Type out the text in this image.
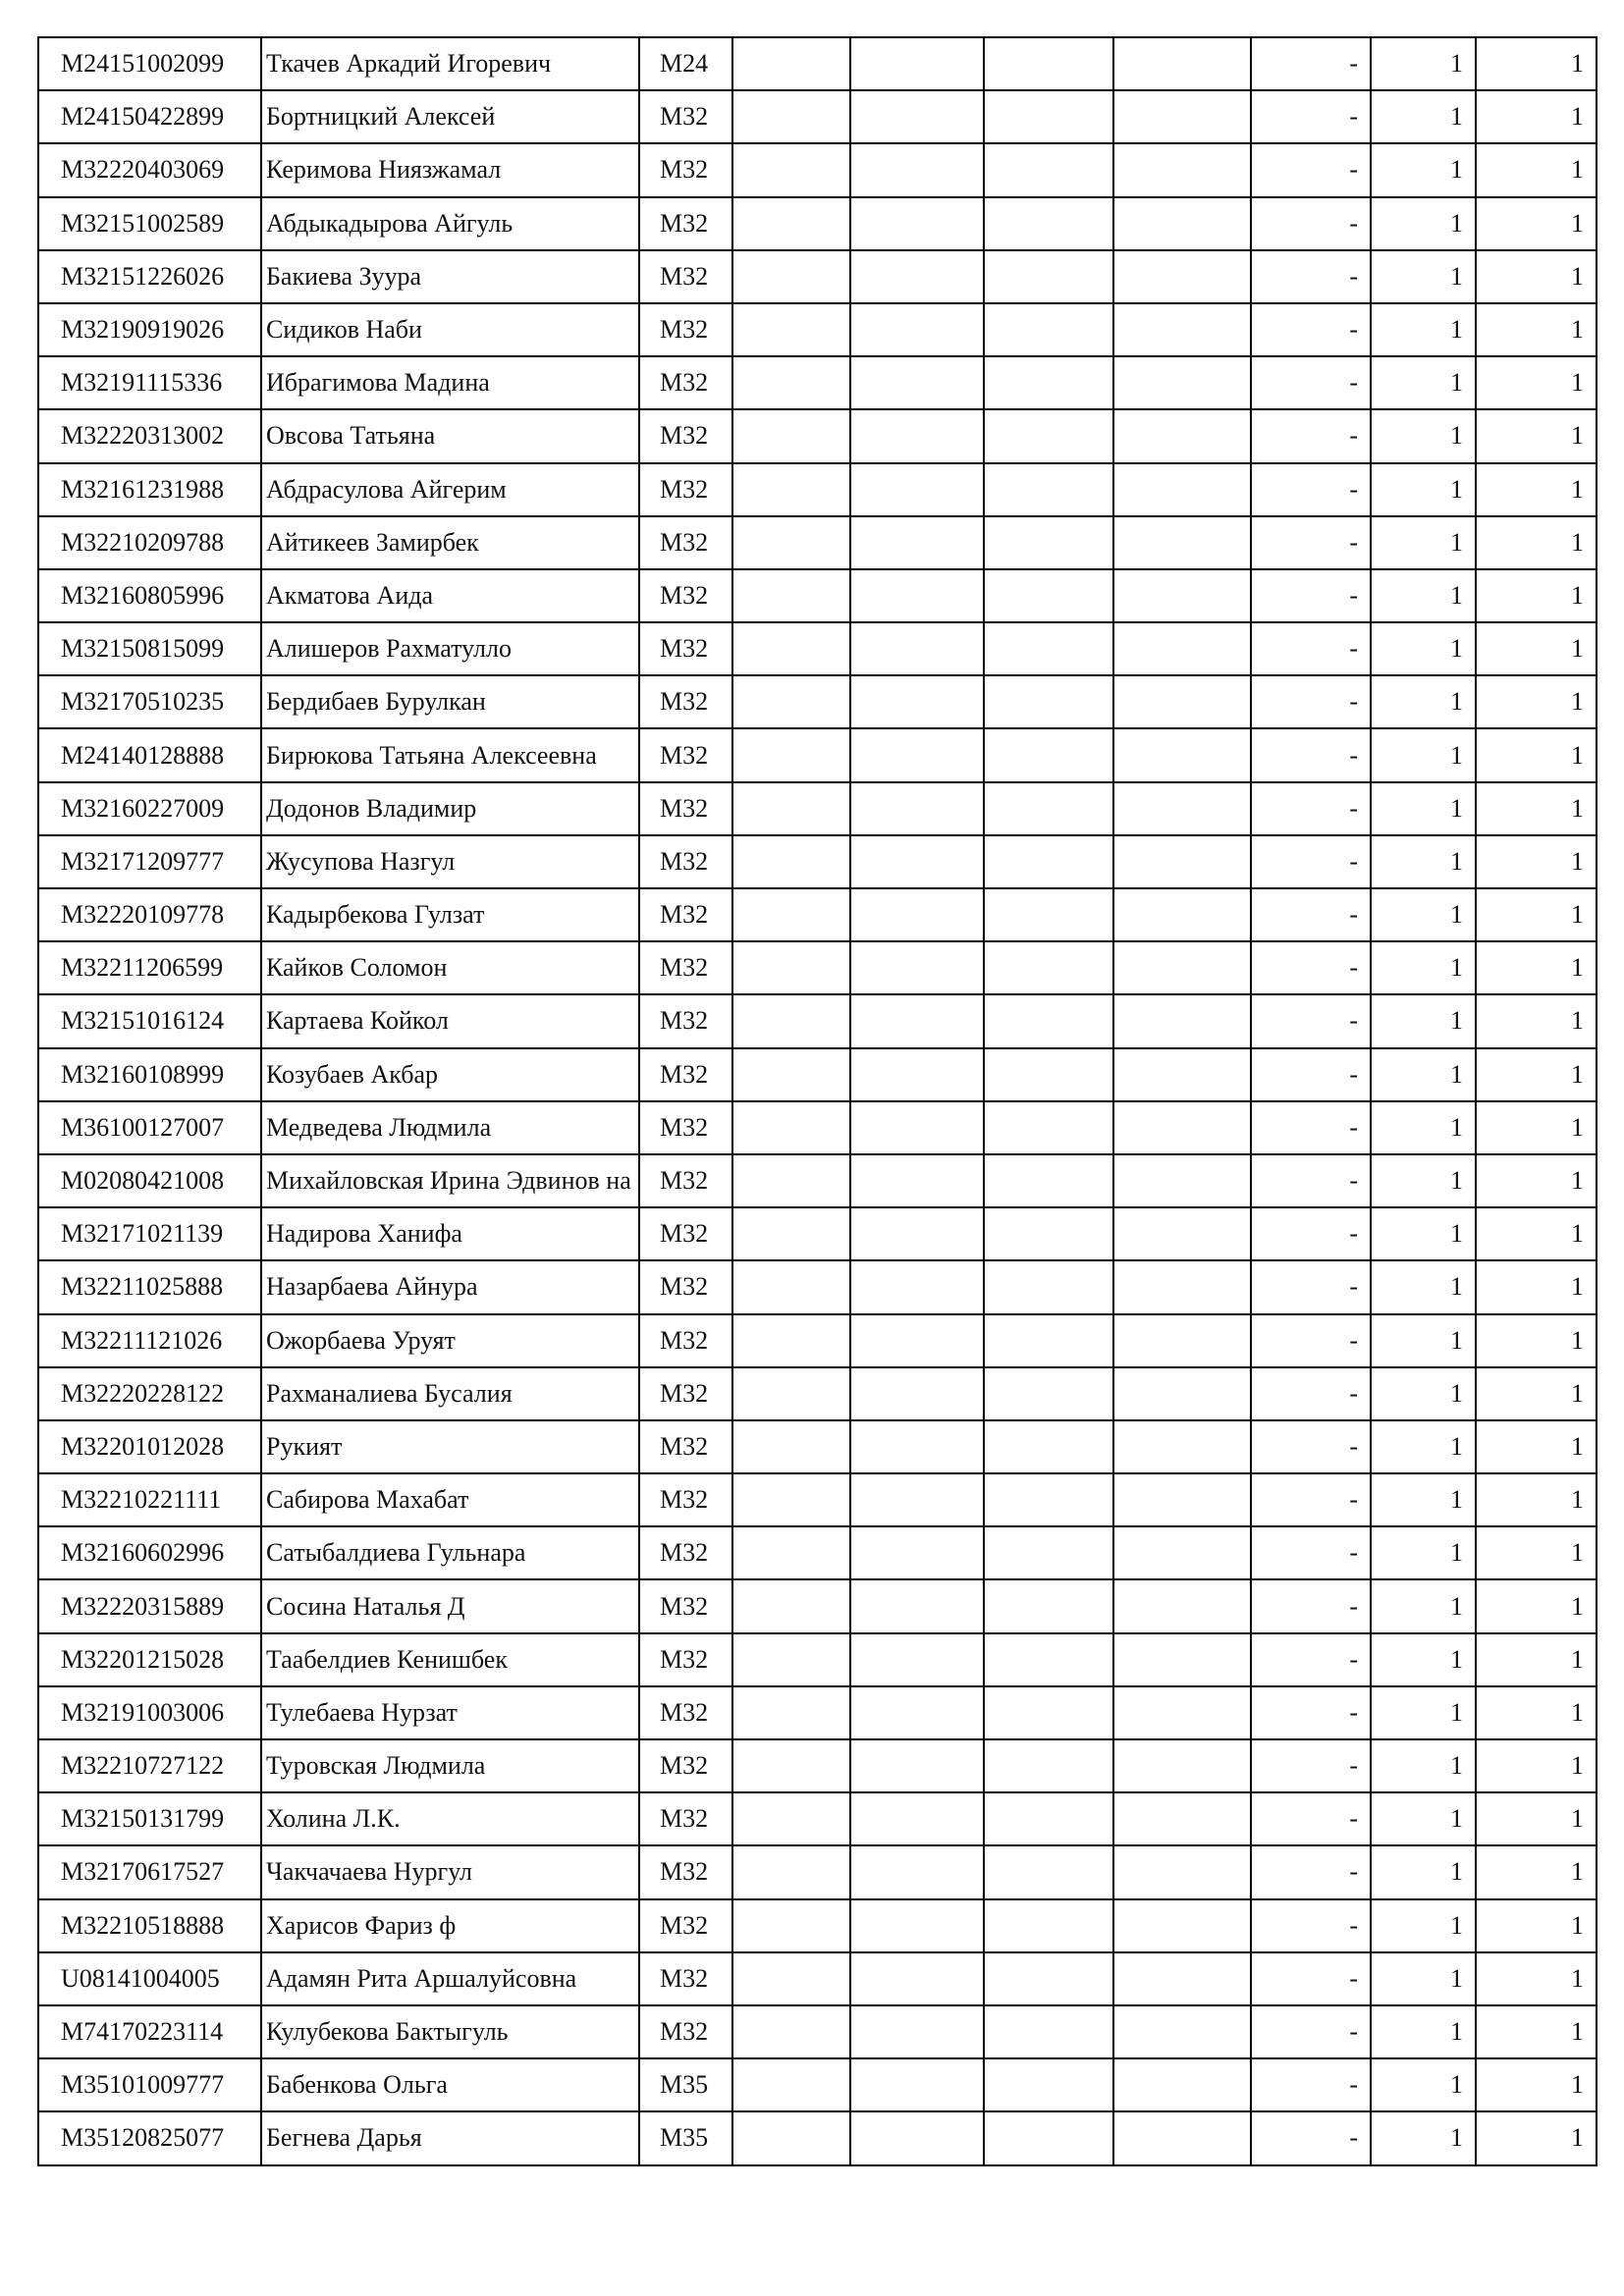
M24151002099	Ткачев Аркадий Игоревич	M24					-	1	1
M24150422899	Бортницкий Алексей	M32					-	1	1
M32220403069	Керимова Ниязжамал	M32					-	1	1
M32151002589	Абдыкадырова Айгуль	M32					-	1	1
M32151226026	Бакиева Зуура	M32					-	1	1
M32190919026	Сидиков Наби	M32					-	1	1
M32191115336	Ибрагимова Мадина	M32					-	1	1
M32220313002	Овсова Татьяна	M32					-	1	1
M32161231988	Абдрасулова Айгерим	M32					-	1	1
M32210209788	Айтикеев Замирбек	M32					-	1	1
M32160805996	Акматова Аида	M32					-	1	1
M32150815099	Алишеров Рахматулло	M32					-	1	1
M32170510235	Бердибаев Бурулкан	M32					-	1	1
M24140128888	Бирюкова Татьяна Алексеевна	M32					-	1	1
M32160227009	Додонов Владимир	M32					-	1	1
M32171209777	Жусупова Назгул	M32					-	1	1
M32220109778	Кадырбекова Гулзат	M32					-	1	1
M32211206599	Кайков Соломон	M32					-	1	1
M32151016124	Картаева Койкол	M32					-	1	1
M32160108999	Козубаев Акбар	M32					-	1	1
M36100127007	Медведева Людмила	M32					-	1	1
M02080421008	Михайловская Ирина Эдвинов на	M32					-	1	1
M32171021139	Надирова Ханифа	M32					-	1	1
M32211025888	Назарбаева Айнура	M32					-	1	1
M32211121026	Ожорбаева Уруят	M32					-	1	1
M32220228122	Рахманалиева Бусалия	M32					-	1	1
M32201012028	Рукият	M32					-	1	1
M32210221111	Сабирова Махабат	M32					-	1	1
M32160602996	Сатыбалдиева Гульнара	M32					-	1	1
M32220315889	Сосина Наталья Д	M32					-	1	1
M32201215028	Таабелдиев Кенишбек	M32					-	1	1
M32191003006	Тулебаева Нурзат	M32					-	1	1
M32210727122	Туровская Людмила	M32					-	1	1
M32150131799	Холина Л.К.	M32					-	1	1
M32170617527	Чакчачаева Нургул	M32					-	1	1
M32210518888	Харисов Фариз ф	M32					-	1	1
U08141004005	Адамян Рита Аршалуйсовна	M32					-	1	1
M74170223114	Кулубекова Бактыгуль	M32					-	1	1
M35101009777	Бабенкова Ольга	M35					-	1	1
M35120825077	Бегнева Дарья	M35					-	1	1
